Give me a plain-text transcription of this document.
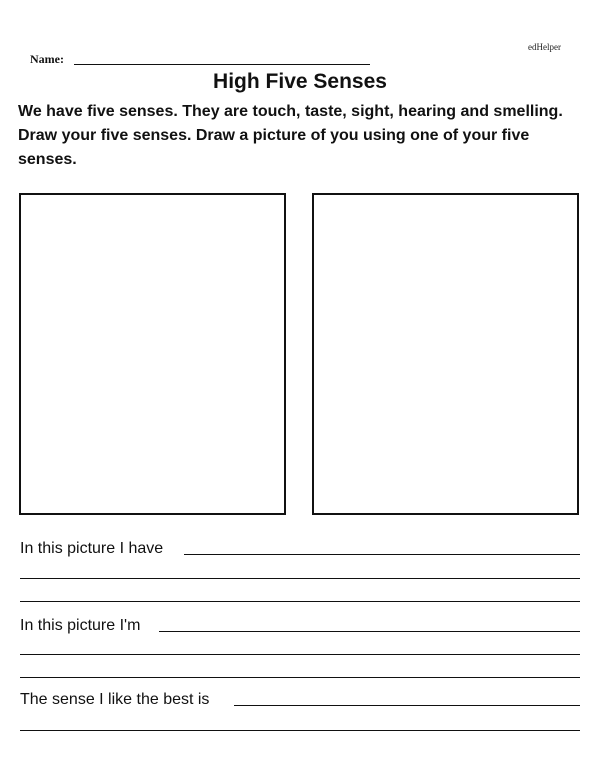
edHelper
Name:
High Five Senses
We have five senses. They are touch, taste, sight, hearing and smelling. Draw your five senses. Draw a picture of you using one of your five senses.
In this picture I have
In this picture I'm
The sense I like the best is
